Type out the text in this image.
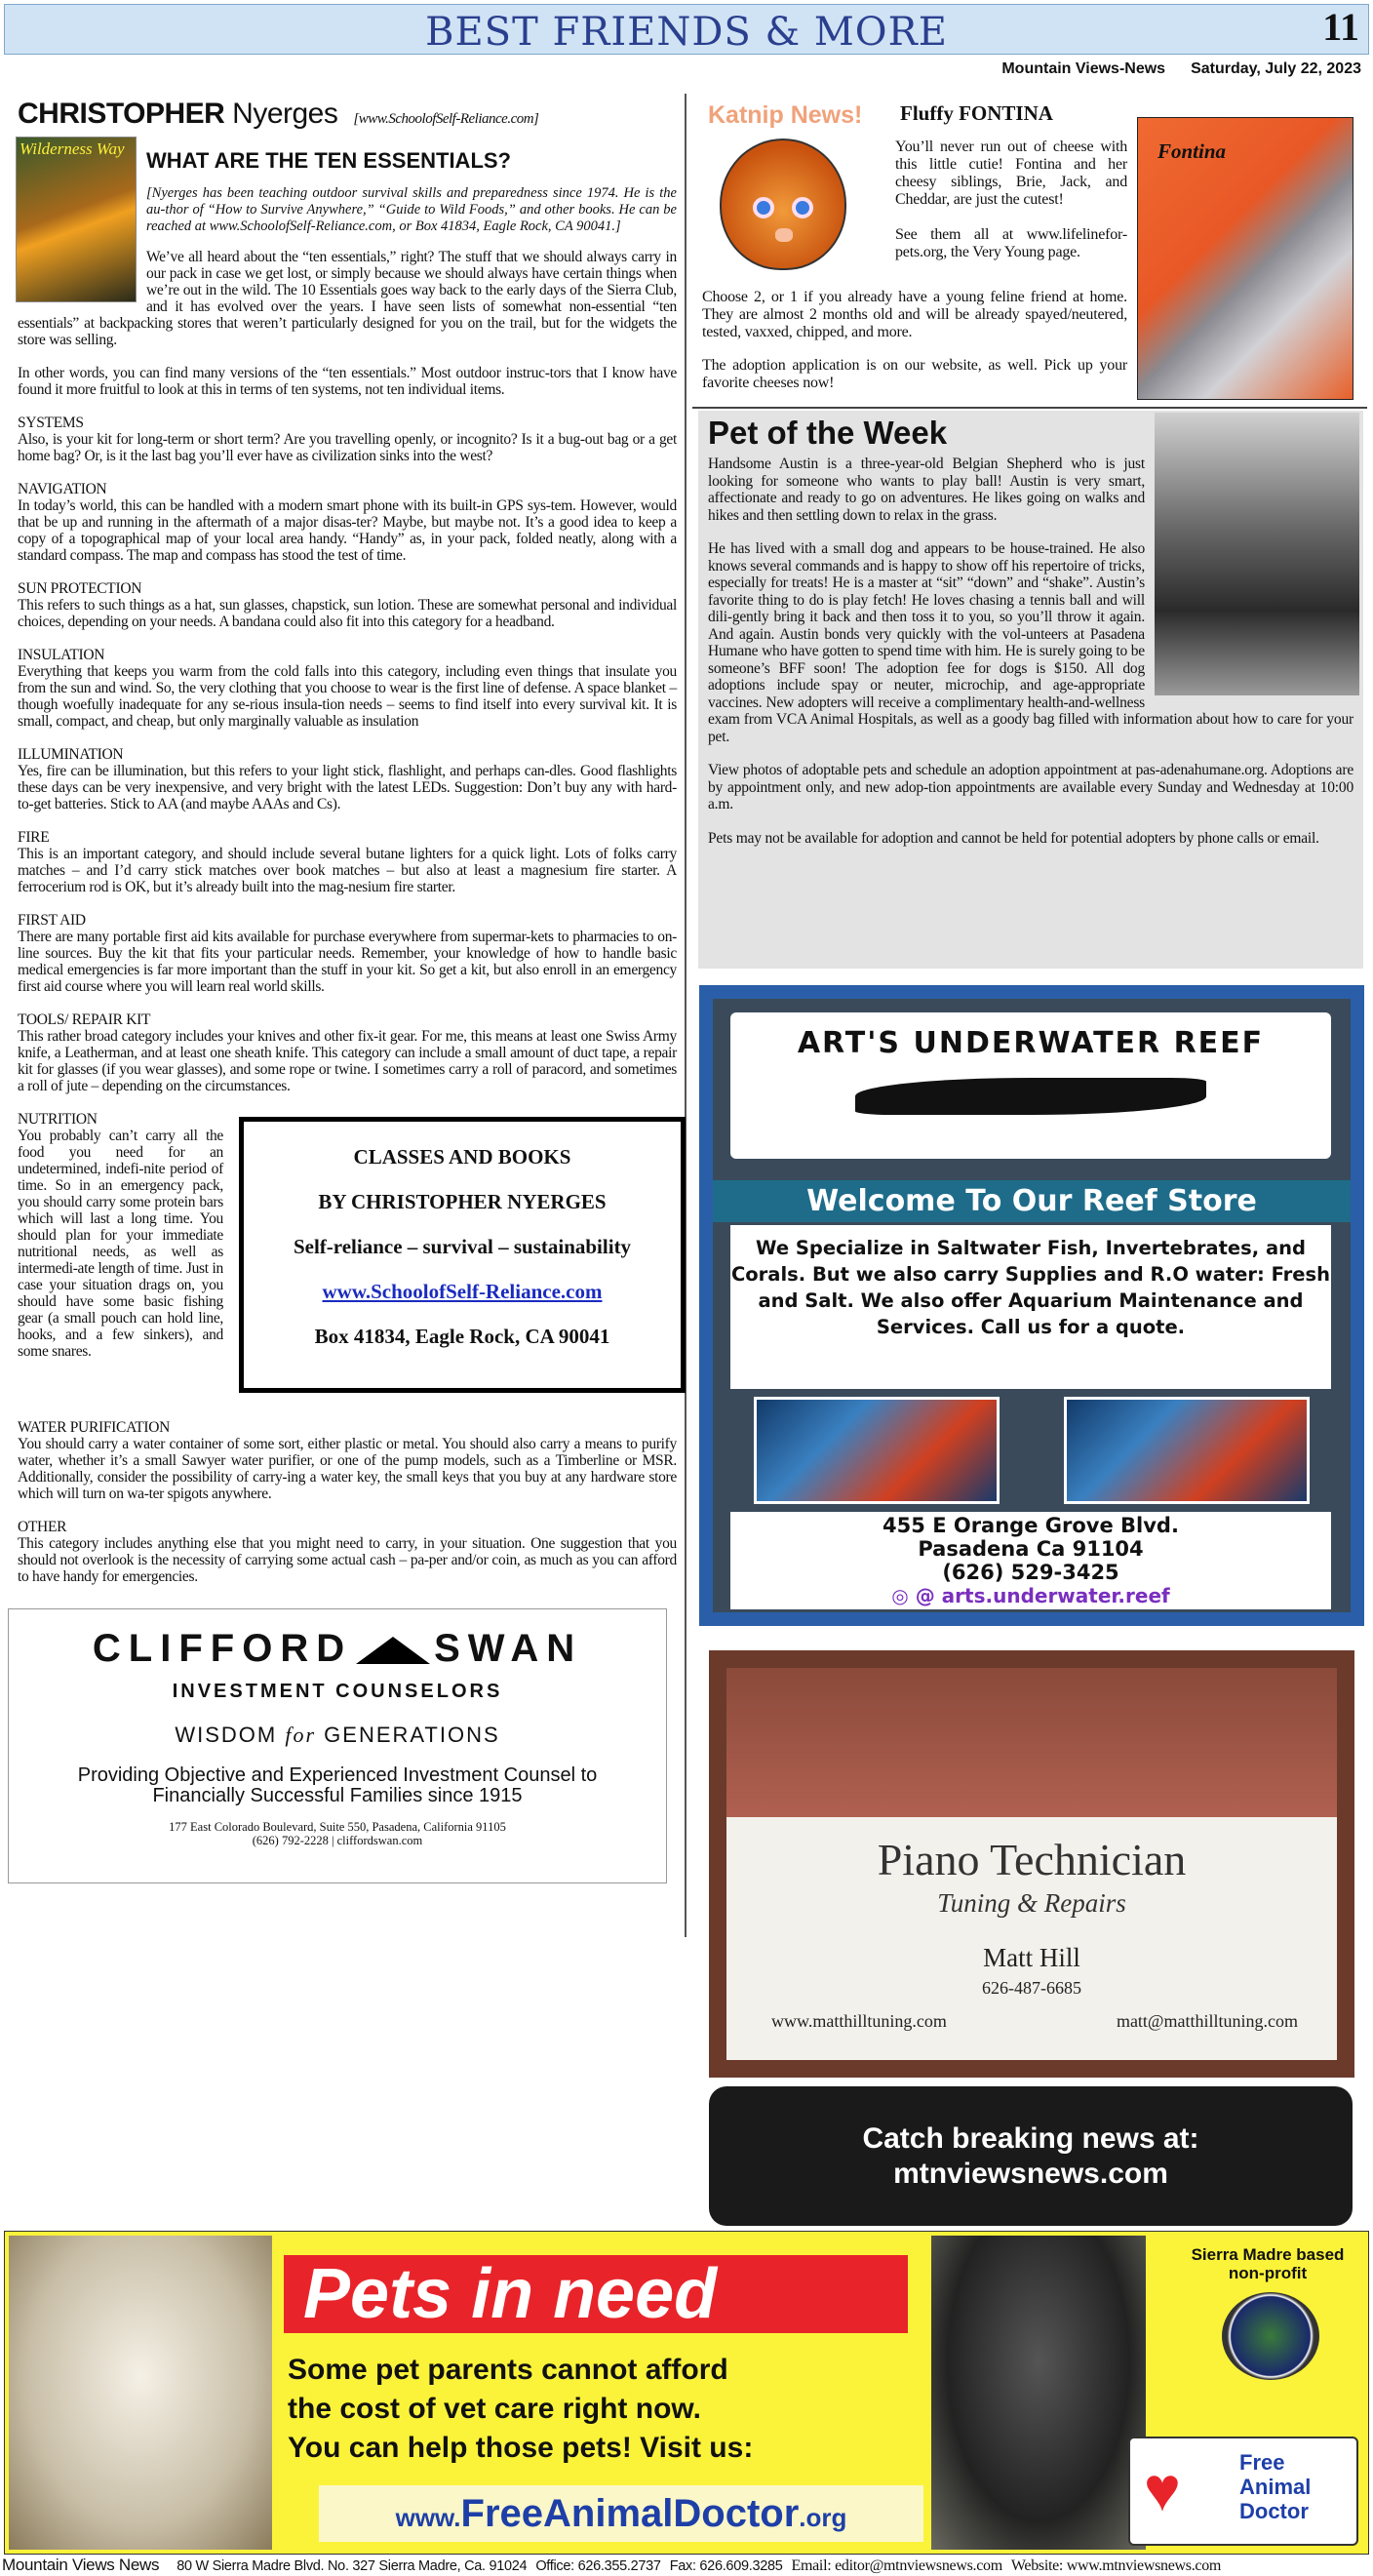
BEST FRIENDS & MORE	11
Mountain Views-News Saturday, July 22, 2023
CHRISTOPHER Nyerges [www.SchoolofSelf-Reliance.com]
Wilderness Way	WHAT ARE THE TEN ESSENTIALS?
[Nyerges has been teaching outdoor survival skills and preparedness since 1974. He is the au-thor of “How to Survive Anywhere,” “Guide to Wild Foods,” and other books. He can be reached at www.SchoolofSelf-Reliance.com, or Box 41834, Eagle Rock, CA 90041.]
We’ve all heard about the “ten essentials,” right? The stuff that we should always carry in our pack in case we get lost, or simply because we should always have certain things when we’re out in the wild. The 10 Essentials goes way back to the early days of the Sierra Club, and it has evolved over the years. I have seen lists of somewhat non-essential “ten essentials” at backpacking stores that weren’t particularly designed for you on the trail, but for the widgets the store was selling.
In other words, you can find many versions of the “ten essentials.” Most outdoor instruc-tors that I know have found it more fruitful to look at this in terms of ten systems, not ten individual items.
SYSTEMS
Also, is your kit for long-term or short term? Are you travelling openly, or incognito? Is it a bug-out bag or a get home bag? Or, is it the last bag you’ll ever have as civilization sinks into the west?
NAVIGATION
In today’s world, this can be handled with a modern smart phone with its built-in GPS sys-tem. However, would that be up and running in the aftermath of a major disas-ter? Maybe, but maybe not. It’s a good idea to keep a copy of a topographical map of your local area handy. “Handy” as, in your pack, folded neatly, along with a standard compass. The map and compass has stood the test of time.
SUN PROTECTION
This refers to such things as a hat, sun glasses, chapstick, sun lotion. These are somewhat personal and individual choices, depending on your needs. A bandana could also fit into this category for a headband.
INSULATION
Everything that keeps you warm from the cold falls into this category, including even things that insulate you from the sun and wind. So, the very clothing that you choose to wear is the first line of defense. A space blanket – though woefully inadequate for any se-rious insula-tion needs – seems to find itself into every survival kit. It is small, compact, and cheap, but only marginally valuable as insulation
ILLUMINATION
Yes, fire can be illumination, but this refers to your light stick, flashlight, and perhaps can-dles. Good flashlights these days can be very inexpensive, and very bright with the latest LEDs. Suggestion: Don’t buy any with hard-to-get batteries. Stick to AA (and maybe AAAs and Cs).
FIRE
This is an important category, and should include several butane lighters for a quick light. Lots of folks carry matches – and I’d carry stick matches over book matches – but also at least a magnesium fire starter. A ferrocerium rod is OK, but it’s already built into the mag-nesium fire starter.
FIRST AID
There are many portable first aid kits available for purchase everywhere from supermar-kets to pharmacies to on-line sources. Buy the kit that fits your particular needs. Remember, your knowledge of how to handle basic medical emergencies is far more important than the stuff in your kit. So get a kit, but also enroll in an emergency first aid course where you will learn real world skills.
TOOLS/ REPAIR KIT
This rather broad category includes your knives and other fix-it gear. For me, this means at least one Swiss Army knife, a Leatherman, and at least one sheath knife. This category can include a small amount of duct tape, a repair kit for glasses (if you wear glasses), and some rope or twine. I sometimes carry a roll of paracord, and sometimes a roll of jute – depending on the circumstances.
CLASSES AND BOOKS
BY CHRISTOPHER NYERGES
Self-reliance – survival – sustainability
www.SchoolofSelf-Reliance.com
Box 41834, Eagle Rock, CA 90041
NUTRITION
You probably can’t carry all the food you need for an undetermined, indefi-nite period of time. So in an emergency pack, you should carry some protein bars which will last a long time. You should plan for your immediate nutritional needs, as well as intermedi-ate length of time. Just in case your situation drags on, you should have some basic fishing gear (a small pouch can hold line, hooks, and a few sinkers), and some snares.
WATER PURIFICATION
You should carry a water container of some sort, either plastic or metal. You should also carry a means to purify water, whether it’s a small Sawyer water purifier, or one of the pump models, such as a Timberline or MSR. Additionally, consider the possibility of carry-ing a water key, the small keys that you buy at any hardware store which will turn on wa-ter spigots anywhere.
OTHER
This category includes anything else that you might need to carry, in your situation. One suggestion that you should not overlook is the necessity of carrying some actual cash – pa-per and/or coin, as much as you can afford to have handy for emergencies.
CLIFFORD SWAN
INVESTMENT COUNSELORS
WISDOM for GENERATIONS
Providing Objective and Experienced Investment Counsel to Financially Successful Families since 1915
177 East Colorado Boulevard, Suite 550, Pasadena, California 91105
(626) 792-2228 | cliffordswan.com
Katnip News! Fluffy FONTINA
You’ll never run out of cheese with this little cutie! Fontina and her cheesy siblings, Brie, Jack, and Cheddar, are just the cutest!
See them all at www.lifelinefor-pets.org, the Very Young page.
Choose 2, or 1 if you already have a young feline friend at home. They are almost 2 months old and will be already spayed/neutered, tested, vaxxed, chipped, and more.
The adoption application is on our website, as well. Pick up your favorite cheeses now!
Fontina
Pet of the Week
Handsome Austin is a three-year-old Belgian Shepherd who is just looking for someone who wants to play ball! Austin is very smart, affectionate and ready to go on adventures. He likes going on walks and hikes and then settling down to relax in the grass.
He has lived with a small dog and appears to be house-trained. He also knows several commands and is happy to show off his repertoire of tricks, especially for treats! He is a master at “sit” “down” and “shake”. Austin’s favorite thing to do is play fetch! He loves chasing a tennis ball and will dili-gently bring it back and then toss it to you, so you’ll throw it again. And again. Austin bonds very quickly with the vol-unteers at Pasadena Humane who have gotten to spend time with him. He is surely going to be someone’s BFF soon! The adoption fee for dogs is $150. All dog adoptions include spay or neuter, microchip, and age-appropriate vaccines. New adopters will receive a complimentary health-and-wellness exam from VCA Animal Hospitals, as well as a goody bag filled with information about how to care for your pet.
View photos of adoptable pets and schedule an adoption appointment at pas-adenahumane.org. Adoptions are by appointment only, and new adop-tion appointments are available every Sunday and Wednesday at 10:00 a.m.
Pets may not be available for adoption and cannot be held for potential adopters by phone calls or email.
ART'S UNDERWATER REEF
Welcome To Our Reef Store
We Specialize in Saltwater Fish, Invertebrates, and Corals. But we also carry Supplies and R.O water: Fresh and Salt. We also offer Aquarium Maintenance and Services. Call us for a quote.
455 E Orange Grove Blvd.
Pasadena Ca 91104
(626) 529-3425
◎ @ arts.underwater.reef
Piano Technician
Tuning & Repairs
Matt Hill
626-487-6685
www.matthilltuning.com	matt@matthilltuning.com
Catch breaking news at:
mtnviewsnews.com
Pets in need
Some pet parents cannot afford
the cost of vet care right now.
You can help those pets! Visit us:
www.FreeAnimalDoctor.org
Sierra Madre based non-profit
♥	Free Animal Doctor
Mountain Views News 80 W Sierra Madre Blvd. No. 327 Sierra Madre, Ca. 91024 Office: 626.355.2737 Fax: 626.609.3285 Email: editor@mtnviewsnews.com Website: www.mtnviewsnews.com
